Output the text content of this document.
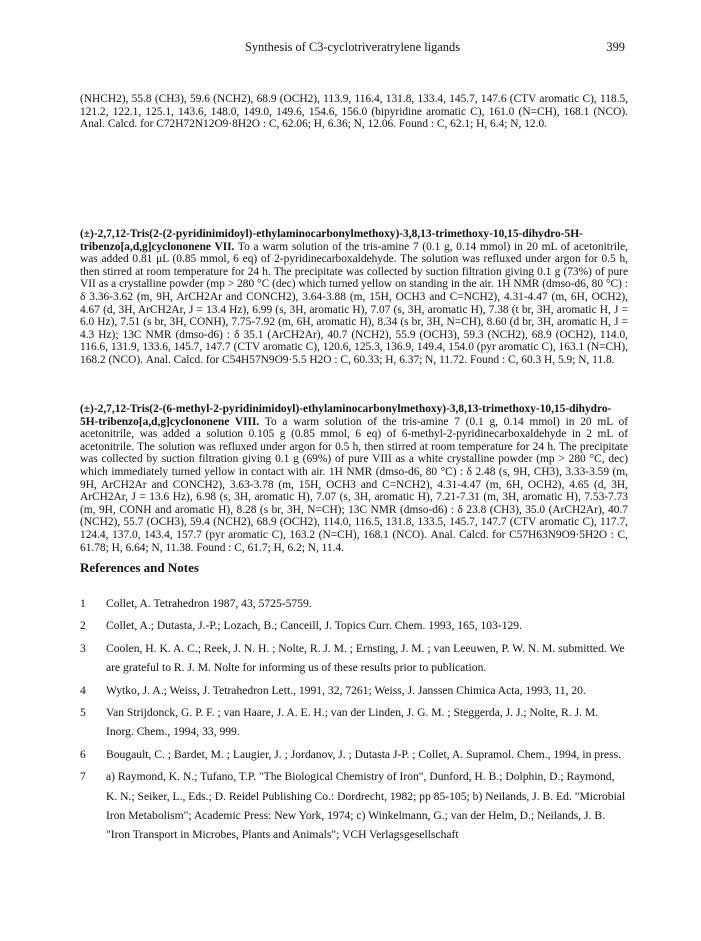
Synthesis of C3-cyclotriveratrylene ligands	399
(NHCH2), 55.8 (CH3), 59.6 (NCH2), 68.9 (OCH2), 113.9, 116.4, 131.8, 133.4, 145.7, 147.6 (CTV aromatic C), 118.5, 121.2, 122.1, 125.1, 143.6, 148.0, 149.0, 149.6, 154.6, 156.0 (bipyridine aromatic C), 161.0 (N=CH), 168.1 (NCO). Anal. Calcd. for C72H72N12O9·8H2O : C, 62.06; H, 6.36; N, 12.06. Found : C, 62.1; H, 6.4; N, 12.0.
(±)-2,7,12-Tris(2-(2-pyridinimidoyl)-ethylaminocarbonylmethoxy)-3,8,13-trimethoxy-10,15-dihydro-5H-tribenzo[a,d,g]cyclononene VII. To a warm solution of the tris-amine 7 (0.1 g, 0.14 mmol) in 20 mL of acetonitrile, was added 0.81 μL (0.85 mmol, 6 eq) of 2-pyridinecarboxaldehyde. The solution was refluxed under argon for 0.5 h, then stirred at room temperature for 24 h. The precipitate was collected by suction filtration giving 0.1 g (73%) of pure VII as a crystalline powder (mp > 280 °C (dec) which turned yellow on standing in the air. 1H NMR (dmso-d6, 80 °C) : δ 3.36-3.62 (m, 9H, ArCH2Ar and CONCH2), 3.64-3.88 (m, 15H, OCH3 and C=NCH2), 4.31-4.47 (m, 6H, OCH2), 4.67 (d, 3H, ArCH2Ar, J = 13.4 Hz), 6.99 (s, 3H, aromatic H), 7.07 (s, 3H, aromatic H), 7.38 (t br, 3H, aromatic H, J = 6.0 Hz), 7.51 (s br, 3H, CONH), 7.75-7.92 (m, 6H, aromatic H), 8.34 (s br, 3H, N=CH), 8.60 (d br, 3H, aromatic H, J = 4.3 Hz); 13C NMR (dmso-d6) : δ 35.1 (ArCH2Ar), 40.7 (NCH2), 55.9 (OCH3), 59.3 (NCH2), 68.9 (OCH2), 114.0, 116.6, 131.9, 133.6, 145.7, 147.7 (CTV aromatic C), 120.6, 125.3, 136.9, 149.4, 154.0 (pyr aromatic C), 163.1 (N=CH), 168.2 (NCO). Anal. Calcd. for C54H57N9O9·5.5 H2O : C, 60.33; H, 6.37; N, 11.72. Found : C, 60.3 H, 5.9; N, 11.8.
(±)-2,7,12-Tris(2-(6-methyl-2-pyridinimidoyl)-ethylaminocarbonylmethoxy)-3,8,13-trimethoxy-10,15-dihydro-5H-tribenzo[a,d,g]cyclononene VIII. To a warm solution of the tris-amine 7 (0.1 g, 0.14 mmol) in 20 mL of acetonitrile, was added a solution 0.105 g (0.85 mmol, 6 eq) of 6-methyl-2-pyridinecarboxaldehyde in 2 mL of acetonitrile. The solution was refluxed under argon for 0.5 h, then stirred at room temperature for 24 h. The precipitate was collected by suction filtration giving 0.1 g (69%) of pure VIII as a white crystalline powder (mp > 280 °C, dec) which immediately turned yellow in contact with air. 1H NMR (dmso-d6, 80 °C) : δ 2.48 (s, 9H, CH3), 3.33-3.59 (m, 9H, ArCH2Ar and CONCH2), 3.63-3.78 (m, 15H, OCH3 and C=NCH2), 4.31-4.47 (m, 6H, OCH2), 4.65 (d, 3H, ArCH2Ar, J = 13.6 Hz), 6.98 (s, 3H, aromatic H), 7.07 (s, 3H, aromatic H), 7.21-7.31 (m, 3H, aromatic H), 7.53-7.73 (m, 9H, CONH and aromatic H), 8.28 (s br, 3H, N=CH); 13C NMR (dmso-d6) : δ 23.8 (CH3), 35.0 (ArCH2Ar), 40.7 (NCH2), 55.7 (OCH3), 59.4 (NCH2), 68.9 (OCH2), 114.0, 116.5, 131.8, 133.5, 145.7, 147.7 (CTV aromatic C), 117.7, 124.4, 137.0, 143.4, 157.7 (pyr aromatic C), 163.2 (N=CH), 168.1 (NCO). Anal. Calcd. for C57H63N9O9·5H2O : C, 61.78; H, 6.64; N, 11.38. Found : C, 61.7; H, 6.2; N, 11.4.
References and Notes
1	Collet, A. Tetrahedron 1987, 43, 5725-5759.
2	Collet, A.; Dutasta, J.-P.; Lozach, B.; Canceill, J. Topics Curr. Chem. 1993, 165, 103-129.
3	Coolen, H. K. A. C.; Reek, J. N. H. ; Nolte, R. J. M. ; Ernsting, J. M. ; van Leeuwen, P. W. N. M. submitted. We are grateful to R. J. M. Nolte for informing us of these results prior to publication.
4	Wytko, J. A.; Weiss, J. Tetrahedron Lett., 1991, 32, 7261; Weiss, J. Janssen Chimica Acta, 1993, 11, 20.
5	Van Strijdonck, G. P. F. ; van Haare, J. A. E. H.; van der Linden, J. G. M. ; Steggerda, J. J.; Nolte, R. J. M. Inorg. Chem., 1994, 33, 999.
6	Bougault, C. ; Bardet, M. ; Laugier, J. ; Jordanov, J. ; Dutasta J-P. ; Collet, A. Supramol. Chem., 1994, in press.
7	a) Raymond, K. N.; Tufano, T.P. "The Biological Chemistry of Iron", Dunford, H. B.; Dolphin, D.; Raymond, K. N.; Seiker, L., Eds.; D. Reidel Publishing Co.: Dordrecht, 1982; pp 85-105; b) Neilands, J. B. Ed. "Microbial Iron Metabolism"; Academic Press: New York, 1974; c) Winkelmann, G.; van der Helm, D.; Neilands, J. B. "Iron Transport in Microbes, Plants and Animals"; VCH Verlagsgesellschaft
